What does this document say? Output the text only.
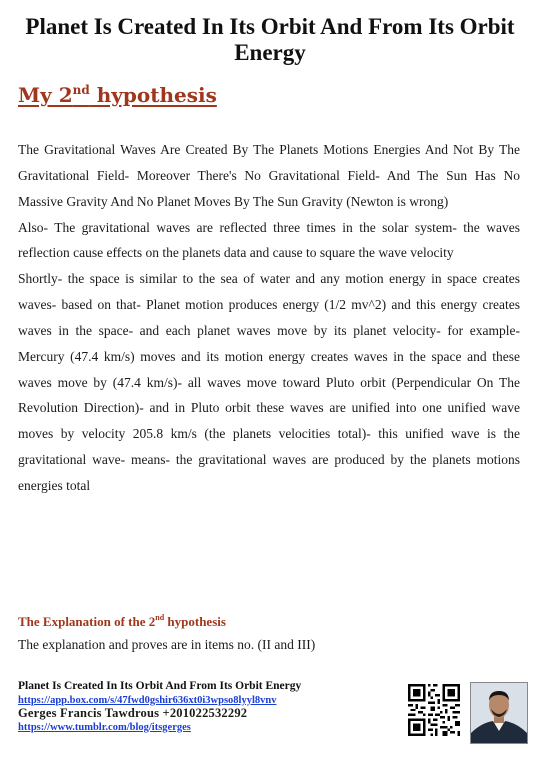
Planet Is Created In Its Orbit And From Its Orbit Energy
My 2nd hypothesis

The Gravitational Waves Are Created By The Planets Motions Energies And Not By The Gravitational Field- Moreover There's No Gravitational Field- And The Sun Has No Massive Gravity And No Planet Moves By The Sun Gravity (Newton is wrong)

Also- The gravitational waves are reflected three times in the solar system- the waves reflection cause effects on the planets data and cause to square the wave velocity

Shortly- the space is similar to the sea of water and any motion energy in space creates waves- based on that- Planet motion produces energy (1/2 mv^2) and this energy creates waves in the space- and each planet waves move by its planet velocity- for example- Mercury (47.4 km/s) moves and its motion energy creates waves in the space and these waves move by (47.4 km/s)- all waves move toward Pluto orbit (Perpendicular On The Revolution Direction)- and in Pluto orbit these waves are unified into one unified wave moves by velocity 205.8 km/s (the planets velocities total)- this unified wave is the gravitational wave- means- the gravitational waves are produced by the planets motions energies total

The Explanation of the 2nd hypothesis

The explanation and proves are in items no. (II and III)

Planet Is Created In Its Orbit And From Its Orbit Energy
https://app.box.com/s/47fwd0gshir636xt0i3wpso8lyyl8vnv
Gerges Francis Tawdrous +201022532292
https://www.tumblr.com/blog/itsgerges
